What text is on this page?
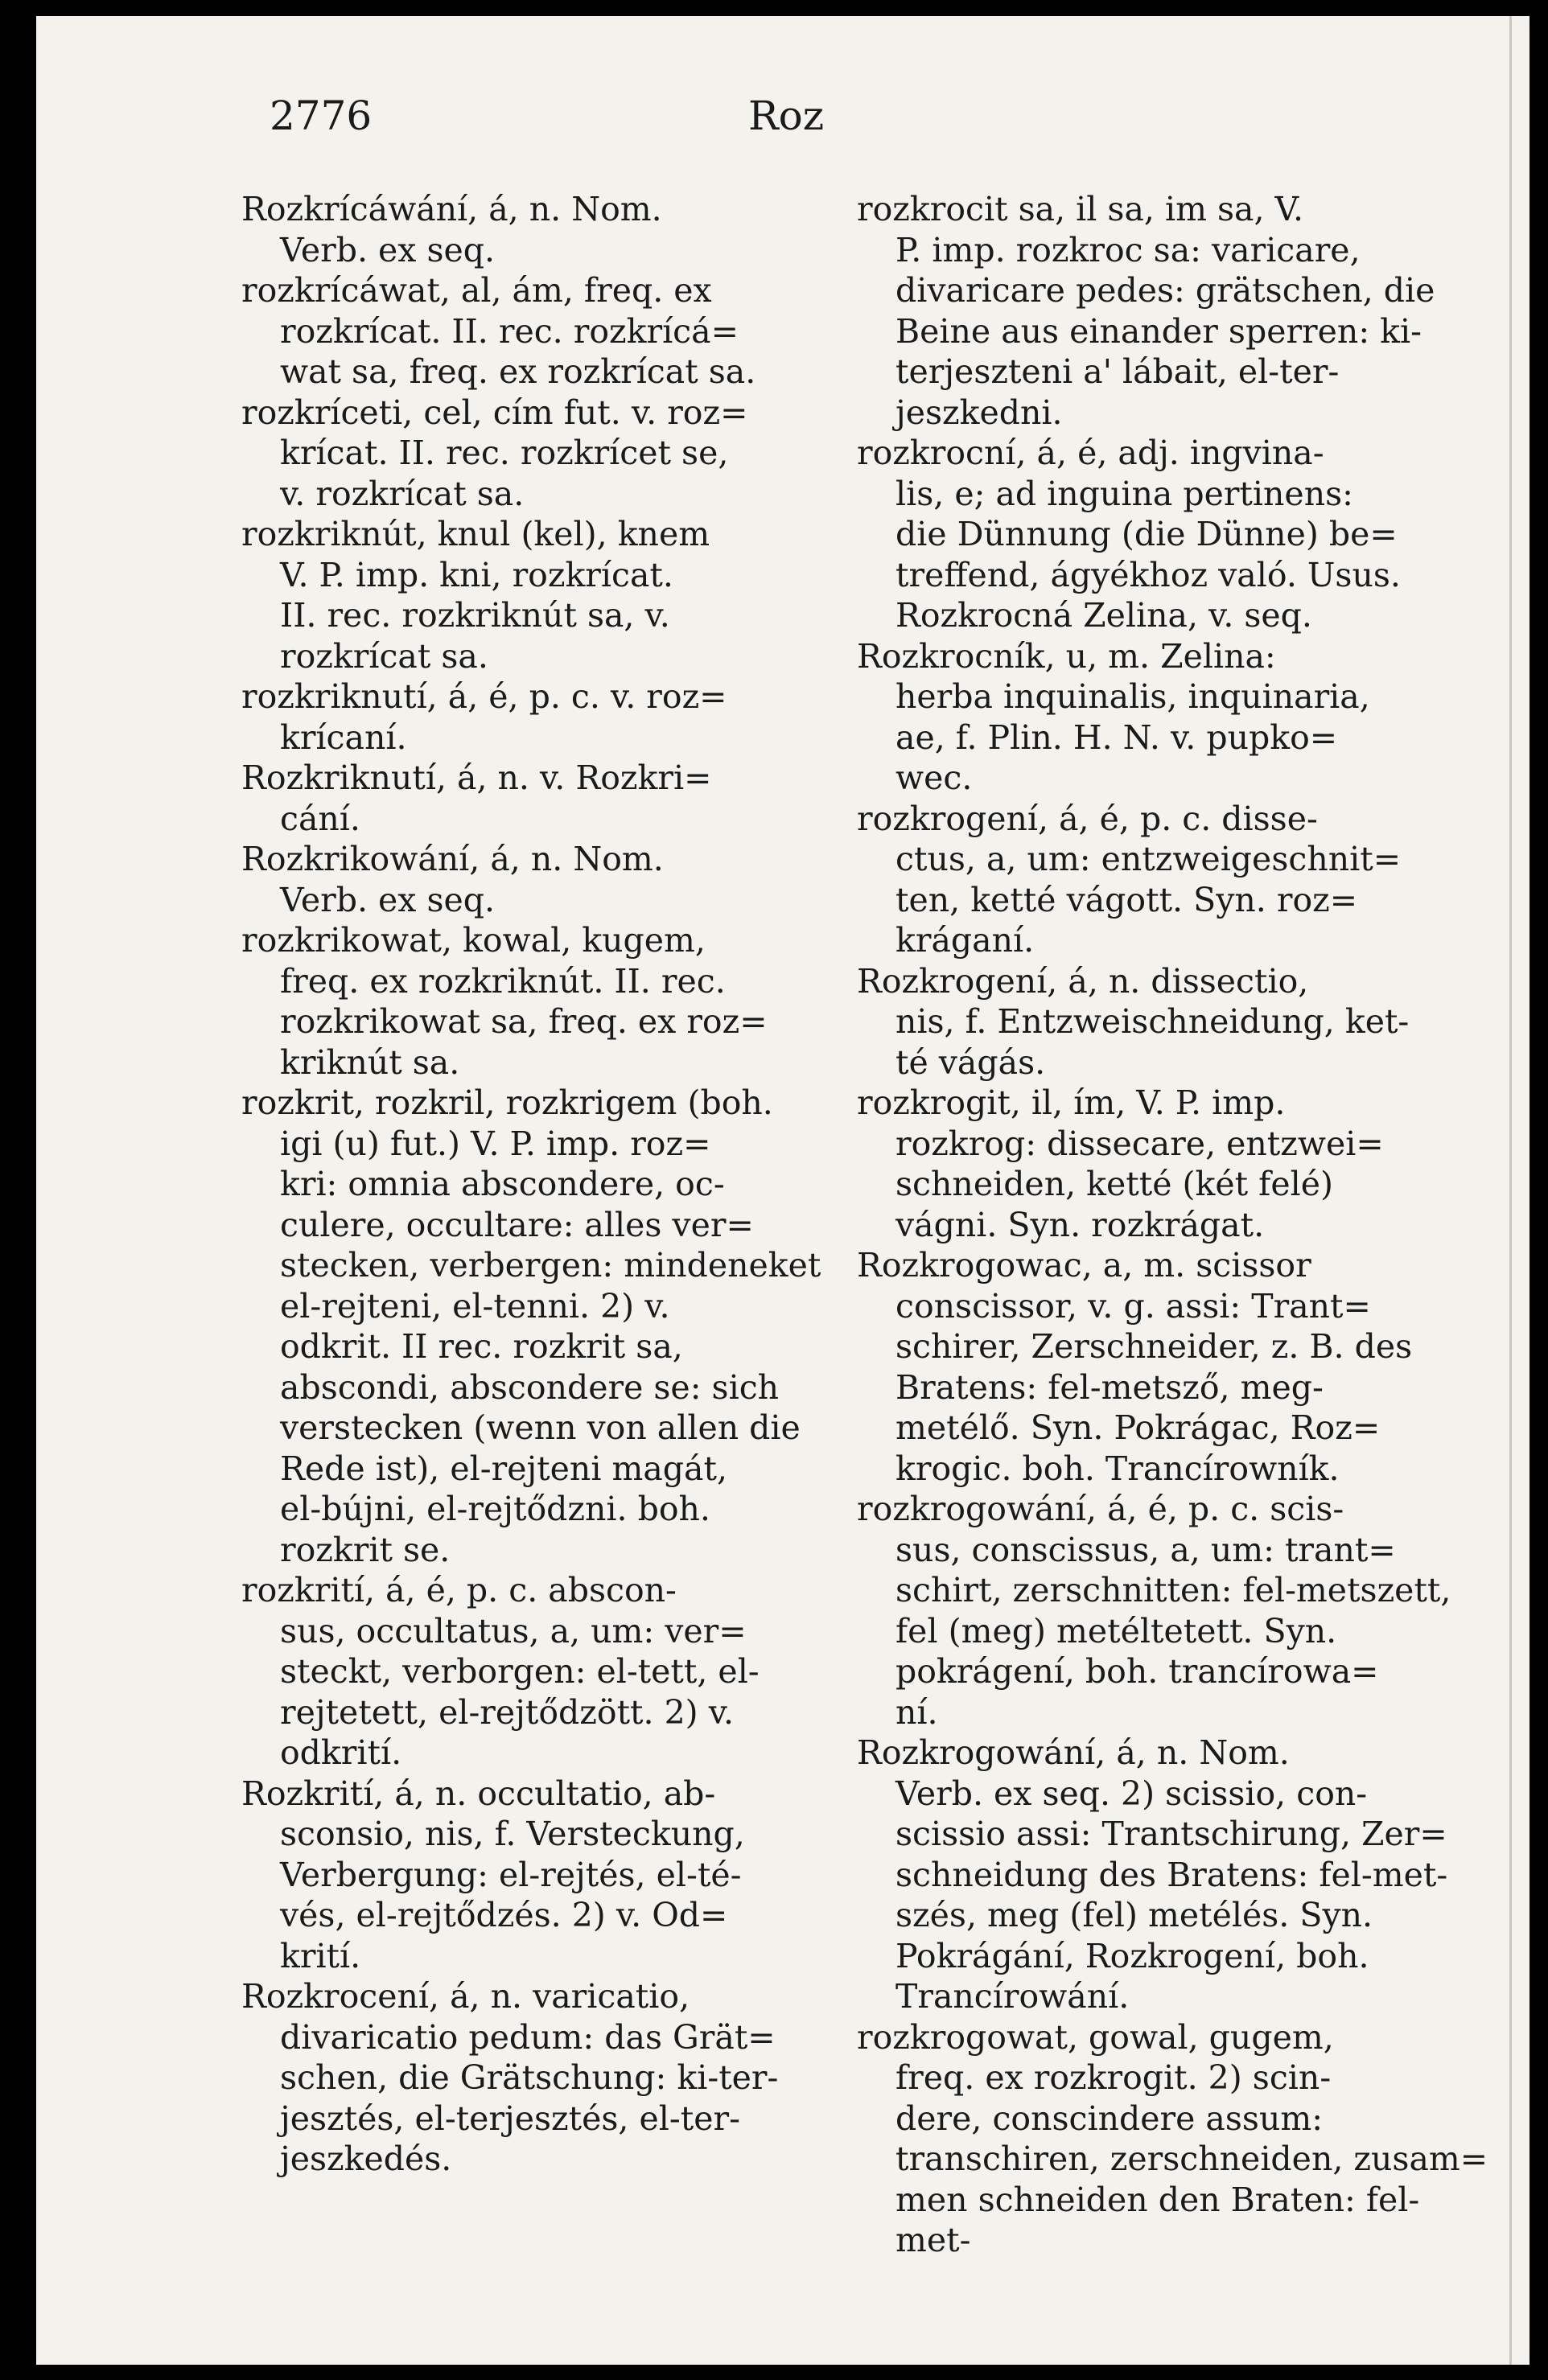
2776	Roz
Rozkrícáwání, á, n. Nom.
Verb. ex seq.
rozkrícáwat, al, ám, freq. ex
rozkrícat. II. rec. rozkrícá=
wat sa, freq. ex rozkrícat sa.
rozkríceti, cel, cím fut. v. roz=
krícat. II. rec. rozkrícet se,
v. rozkrícat sa.
rozkriknút, knul (kel), knem
V. P. imp. kni, rozkrícat.
II. rec. rozkriknút sa, v.
rozkrícat sa.
rozkriknutí, á, é, p. c. v. roz=
krícaní.
Rozkriknutí, á, n. v. Rozkri=
cání.
Rozkrikowání, á, n. Nom.
Verb. ex seq.
rozkrikowat, kowal, kugem,
freq. ex rozkriknút. II. rec.
rozkrikowat sa, freq. ex roz=
kriknút sa.
rozkrit, rozkril, rozkrigem (boh.
igi (u) fut.) V. P. imp. roz=
kri: omnia abscondere, oc-
culere, occultare: alles ver=
stecken, verbergen: mindeneket
el-rejteni, el-tenni. 2) v.
odkrit. II rec. rozkrit sa,
abscondi, abscondere se: sich
verstecken (wenn von allen die
Rede ist), el-rejteni magát,
el-bújni, el-rejtődzni. boh.
rozkrit se.
rozkrití, á, é, p. c. abscon-
sus, occultatus, a, um: ver=
steckt, verborgen: el-tett, el-
rejtetett, el-rejtődzött. 2) v.
odkrití.
Rozkrití, á, n. occultatio, ab-
sconsio, nis, f. Versteckung,
Verbergung: el-rejtés, el-té-
vés, el-rejtődzés. 2) v. Od=
krití.
Rozkrocení, á, n. varicatio,
divaricatio pedum: das Grät=
schen, die Grätschung: ki-ter-
jesztés, el-terjesztés, el-ter-
jeszkedés.
rozkrocit sa, il sa, im sa, V.
P. imp. rozkroc sa: varicare,
divaricare pedes: grätschen, die
Beine aus einander sperren: ki-
terjeszteni a' lábait, el-ter-
jeszkedni.
rozkrocní, á, é, adj. ingvina-
lis, e; ad inguina pertinens:
die Dünnung (die Dünne) be=
treffend, ágyékhoz való. Usus.
Rozkrocná Zelina, v. seq.
Rozkrocník, u, m. Zelina:
herba inquinalis, inquinaria,
ae, f. Plin. H. N. v. pupko=
wec.
rozkrogení, á, é, p. c. disse-
ctus, a, um: entzweigeschnit=
ten, ketté vágott. Syn. roz=
kráganí.
Rozkrogení, á, n. dissectio,
nis, f. Entzweischneidung, ket-
té vágás.
rozkrogit, il, ím, V. P. imp.
rozkrog: dissecare, entzwei=
schneiden, ketté (két felé)
vágni. Syn. rozkrágat.
Rozkrogowac, a, m. scissor
conscissor, v. g. assi: Trant=
schirer, Zerschneider, z. B. des
Bratens: fel-metsző, meg-
metélő. Syn. Pokrágac, Roz=
krogic. boh. Trancírowník.
rozkrogowání, á, é, p. c. scis-
sus, conscissus, a, um: trant=
schirt, zerschnitten: fel-metszett,
fel (meg) metéltetett. Syn.
pokrágení, boh. trancírowa=
ní.
Rozkrogowání, á, n. Nom.
Verb. ex seq. 2) scissio, con-
scissio assi: Trantschirung, Zer=
schneidung des Bratens: fel-met-
szés, meg (fel) metélés. Syn.
Pokrágání, Rozkrogení, boh.
Trancírowání.
rozkrogowat, gowal, gugem,
freq. ex rozkrogit. 2) scin-
dere, conscindere assum:
transchiren, zerschneiden, zusam=
men schneiden den Braten: fel-
met-
